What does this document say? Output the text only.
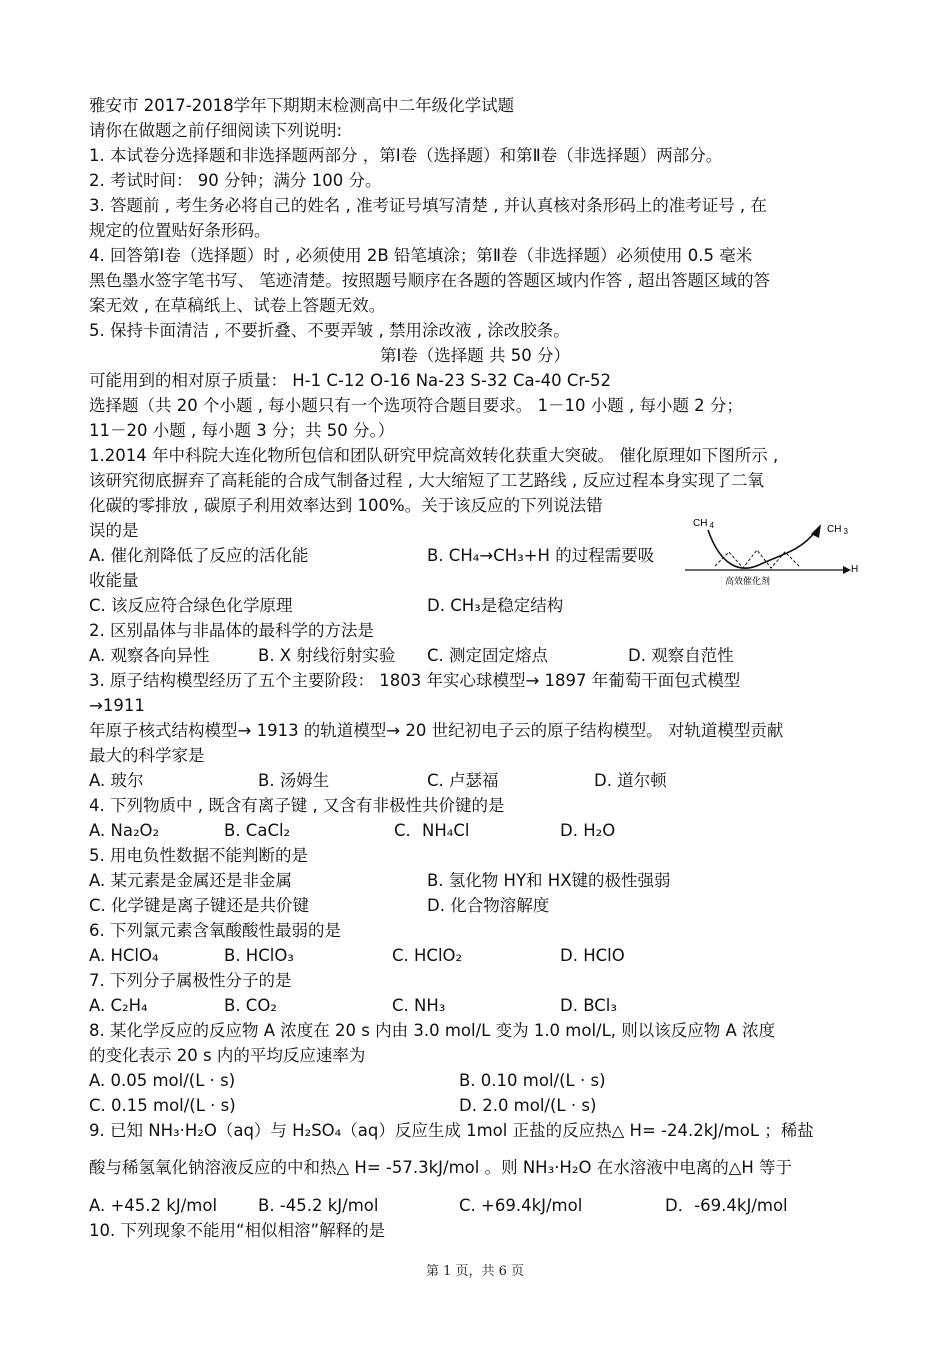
雅安市 2017-2018学年下期期末检测高中二年级化学试题
请你在做题之前仔细阅读下列说明:
1. 本试卷分选择题和非选择题两部分 ，第Ⅰ卷（选择题）和第Ⅱ卷（非选择题）两部分。
2. 考试时间： 90 分钟；满分 100 分。
3. 答题前 , 考生务必将自己的姓名 , 准考证号填写清楚 , 并认真核对条形码上的准考证号 , 在
规定的位置贴好条形码。
4. 回答第Ⅰ卷（选择题）时 , 必须使用 2B 铅笔填涂；第Ⅱ卷（非选择题）必须使用 0.5 毫米
黑色墨水签字笔书写、 笔迹清楚。按照题号顺序在各题的答题区域内作答 , 超出答题区域的答
案无效 , 在草稿纸上、试卷上答题无效。
5. 保持卡面清洁 , 不要折叠、不要弄皱 , 禁用涂改液 , 涂改胶条。
第Ⅰ卷（选择题 共 50 分）
可能用到的相对原子质量： H-1 C-12 O-16 Na-23 S-32 Ca-40 Cr-52
选择题（共 20 个小题 , 每小题只有一个选项符合题目要求。 1－10 小题 , 每小题 2 分；
11－20 小题 , 每小题 3 分；共 50 分。）
1.2014 年中科院大连化物所包信和团队研究甲烷高效转化获重大突破。 催化原理如下图所示 ,
该研究彻底摒弃了高耗能的合成气制备过程 , 大大缩短了工艺路线 , 反应过程本身实现了二氧
化碳的零排放 , 碳原子利用效率达到 100%。关于该反应的下列说法错
误的是
A. 催化剂降低了反应的活化能	B. CH₄→CH₃+H 的过程需要吸
收能量
C. 该反应符合绿色化学原理	D. CH₃是稳定结构
CH $_4$	CH $_3$
H
高效催化剂
2. 区别晶体与非晶体的最科学的方法是
A. 观察各向异性	B. X 射线衍射实验 C. 测定固定熔点	D. 观察自范性
3. 原子结构模型经历了五个主要阶段： 1803 年实心球模型→ 1897 年葡萄干面包式模型
→1911
年原子核式结构模型→ 1913 的轨道模型→ 20 世纪初电子云的原子结构模型。 对轨道模型贡献
最大的科学家是
A. 玻尔	B. 汤姆生	C. 卢瑟福	D. 道尔顿
4. 下列物质中 , 既含有离子键 , 又含有非极性共价键的是
A. Na₂O₂	B. CaCl₂	C．NH₄Cl	D. H₂O
5. 用电负性数据不能判断的是
A. 某元素是金属还是非金属	B. 氢化物 HY和 HX键的极性强弱
C. 化学键是离子键还是共价键	D. 化合物溶解度
6. 下列氯元素含氧酸酸性最弱的是
A. HClO₄	B. HClO₃	C. HClO₂	D. HClO
7. 下列分子属极性分子的是
A. C₂H₄	B. CO₂	C. NH₃	D. BCl₃
8. 某化学反应的反应物 A 浓度在 20 s 内由 3.0 mol/L 变为 1.0 mol/L, 则以该反应物 A 浓度
的变化表示 20 s 内的平均反应速率为
A. 0.05 mol/(L · s)	B. 0.10 mol/(L · s)
C. 0.15 mol/(L · s)	D. 2.0 mol/(L · s)
9. 已知 NH₃·H₂O（aq）与 H₂SO₄（aq）反应生成 1mol 正盐的反应热△ H= -24.2kJ/moL ；稀盐
酸与稀氢氧化钠溶液反应的中和热△ H= -57.3kJ/mol 。则 NH₃·H₂O 在水溶液中电离的△H 等于
A. +45.2 kJ/mol B. -45.2 kJ/mol	C. +69.4kJ/mol	D．-69.4kJ/mol
10. 下列现象不能用“相似相溶”解释的是
第 1 页，共 6 页
